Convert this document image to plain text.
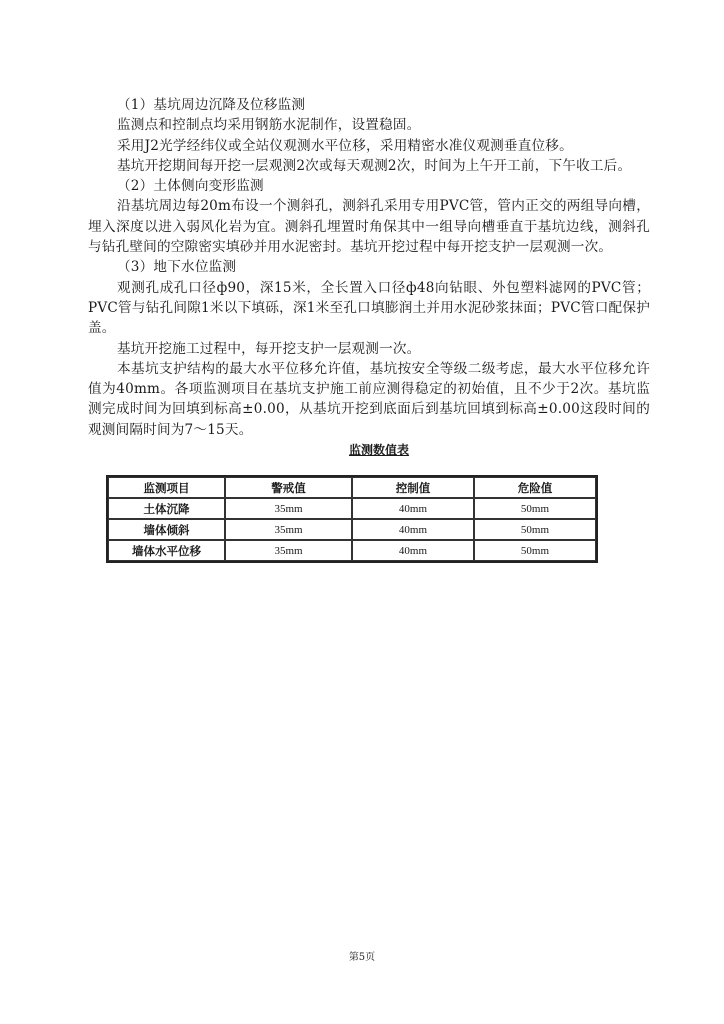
（1）基坑周边沉降及位移监测

监测点和控制点均采用钢筋水泥制作，设置稳固。

采用J2光学经纬仪或全站仪观测水平位移，采用精密水准仪观测垂直位移。

基坑开挖期间每开挖一层观测2次或每天观测2次，时间为上午开工前，下午收工后。

（2）土体侧向变形监测

沿基坑周边每20m布设一个测斜孔，测斜孔采用专用PVC管，管内正交的两组导向槽，埋入深度以进入弱风化岩为宜。测斜孔埋置时角保其中一组导向槽垂直于基坑边线，测斜孔与钻孔壁间的空隙密实填砂并用水泥密封。基坑开挖过程中每开挖支护一层观测一次。

（3）地下水位监测

观测孔成孔口径ф90，深15米，全长置入口径ф48向钻眼、外包塑料滤网的PVC管；PVC管与钻孔间隙1米以下填砾，深1米至孔口填膨润土并用水泥砂浆抹面；PVC管口配保护盖。

基坑开挖施工过程中，每开挖支护一层观测一次。

本基坑支护结构的最大水平位移允许值，基坑按安全等级二级考虑，最大水平位移允许值为40mm。各项监测项目在基坑支护施工前应测得稳定的初始值，且不少于2次。基坑监测完成时间为回填到标高±0.00，从基坑开挖到底面后到基坑回填到标高±0.00这段时间的观测间隔时间为7～15天。

监测数值表
监测项目	警戒值	控制值	危险值
土体沉降	35mm	40mm	50mm
墙体倾斜	35mm	40mm	50mm
墙体水平位移	35mm	40mm	50mm
第5页
